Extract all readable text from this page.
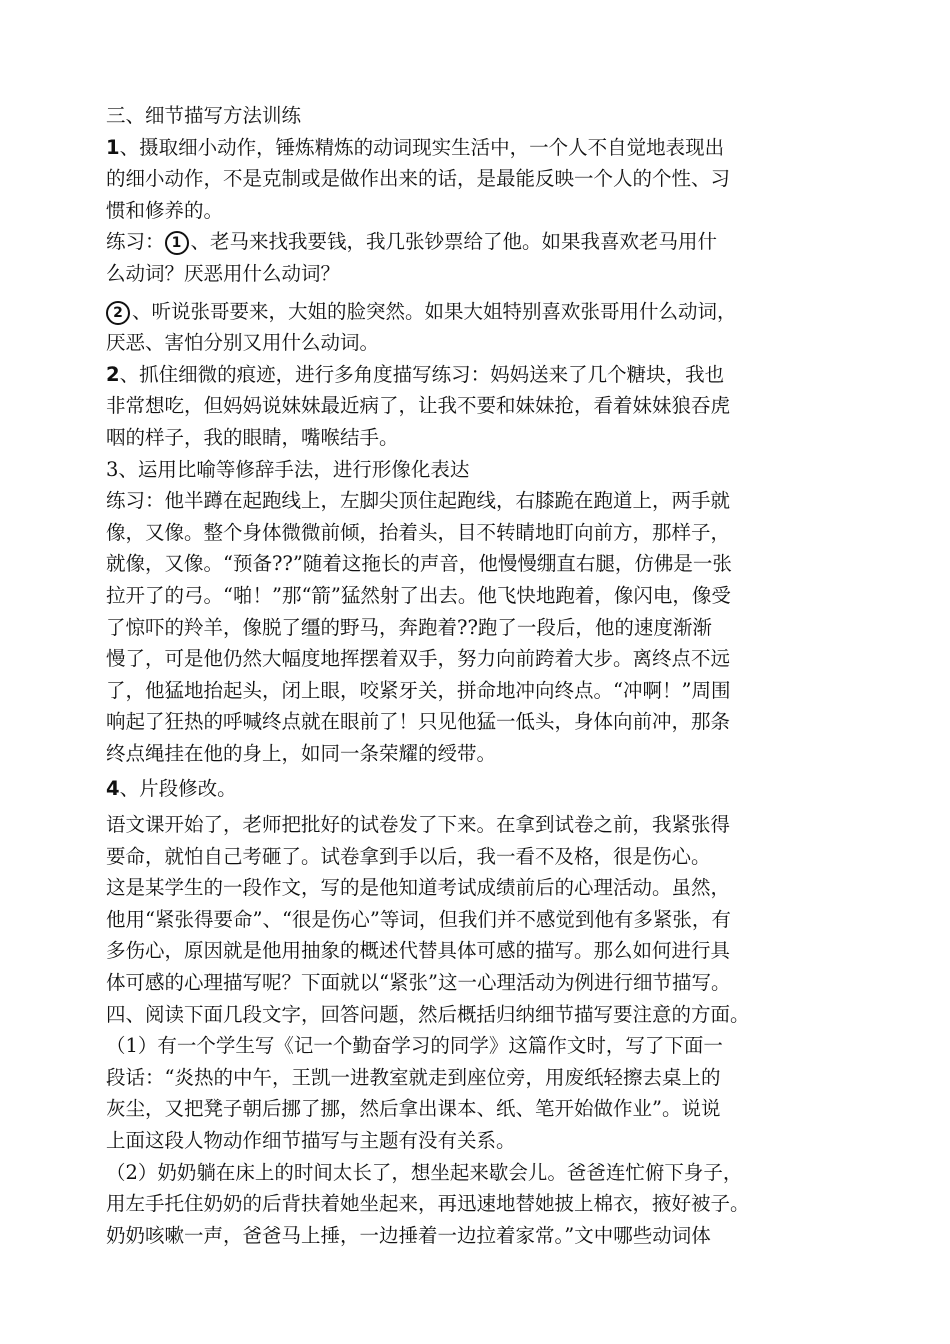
三、细节描写方法训练
1、摄取细小动作，锤炼精炼的动词现实生活中，一个人不自觉地表现出
的细小动作，不是克制或是做作出来的话，是最能反映一个人的个性、习
惯和修养的。
练习： 1 、老马来找我要钱，我几张钞票给了他。如果我喜欢老马用什
么动词？厌恶用什么动词？
2 、听说张哥要来，大姐的脸突然。如果大姐特别喜欢张哥用什么动词，
厌恶、害怕分别又用什么动词。
2、抓住细微的痕迹，进行多角度描写练习：妈妈送来了几个糖块，我也
非常想吃，但妈妈说妹妹最近病了，让我不要和妹妹抢，看着妹妹狼吞虎
咽的样子，我的眼睛，嘴喉结手。
3、运用比喻等修辞手法，进行形像化表达
练习：他半蹲在起跑线上，左脚尖顶住起跑线，右膝跪在跑道上，两手就
像，又像。整个身体微微前倾，抬着头，目不转睛地盯向前方，那样子，
就像，又像。“预备??”随着这拖长的声音，他慢慢绷直右腿，仿佛是一张
拉开了的弓。“啪！”那“箭”猛然射了出去。他飞快地跑着，像闪电，像受
了惊吓的羚羊，像脱了缰的野马，奔跑着??跑了一段后，他的速度渐渐
慢了，可是他仍然大幅度地挥摆着双手，努力向前跨着大步。离终点不远
了，他猛地抬起头，闭上眼，咬紧牙关，拼命地冲向终点。“冲啊！”周围
响起了狂热的呼喊终点就在眼前了！只见他猛一低头，身体向前冲，那条
终点绳挂在他的身上，如同一条荣耀的绶带。
4、片段修改。
语文课开始了，老师把批好的试卷发了下来。在拿到试卷之前，我紧张得
要命，就怕自己考砸了。试卷拿到手以后，我一看不及格，很是伤心。
这是某学生的一段作文，写的是他知道考试成绩前后的心理活动。虽然，
他用“紧张得要命”、“很是伤心”等词，但我们并不感觉到他有多紧张，有
多伤心，原因就是他用抽象的概述代替具体可感的描写。那么如何进行具
体可感的心理描写呢？下面就以“紧张”这一心理活动为例进行细节描写。
四、阅读下面几段文字，回答问题，然后概括归纳细节描写要注意的方面。
（1）有一个学生写《记一个勤奋学习的同学》这篇作文时，写了下面一
段话：“炎热的中午，王凯一进教室就走到座位旁，用废纸轻擦去桌上的
灰尘，又把凳子朝后挪了挪，然后拿出课本、纸、笔开始做作业”。说说
上面这段人物动作细节描写与主题有没有关系。
（2）奶奶躺在床上的时间太长了，想坐起来歇会儿。爸爸连忙俯下身子，
用左手托住奶奶的后背扶着她坐起来，再迅速地替她披上棉衣，掖好被子。
奶奶咳嗽一声，爸爸马上捶，一边捶着一边拉着家常。”文中哪些动词体
